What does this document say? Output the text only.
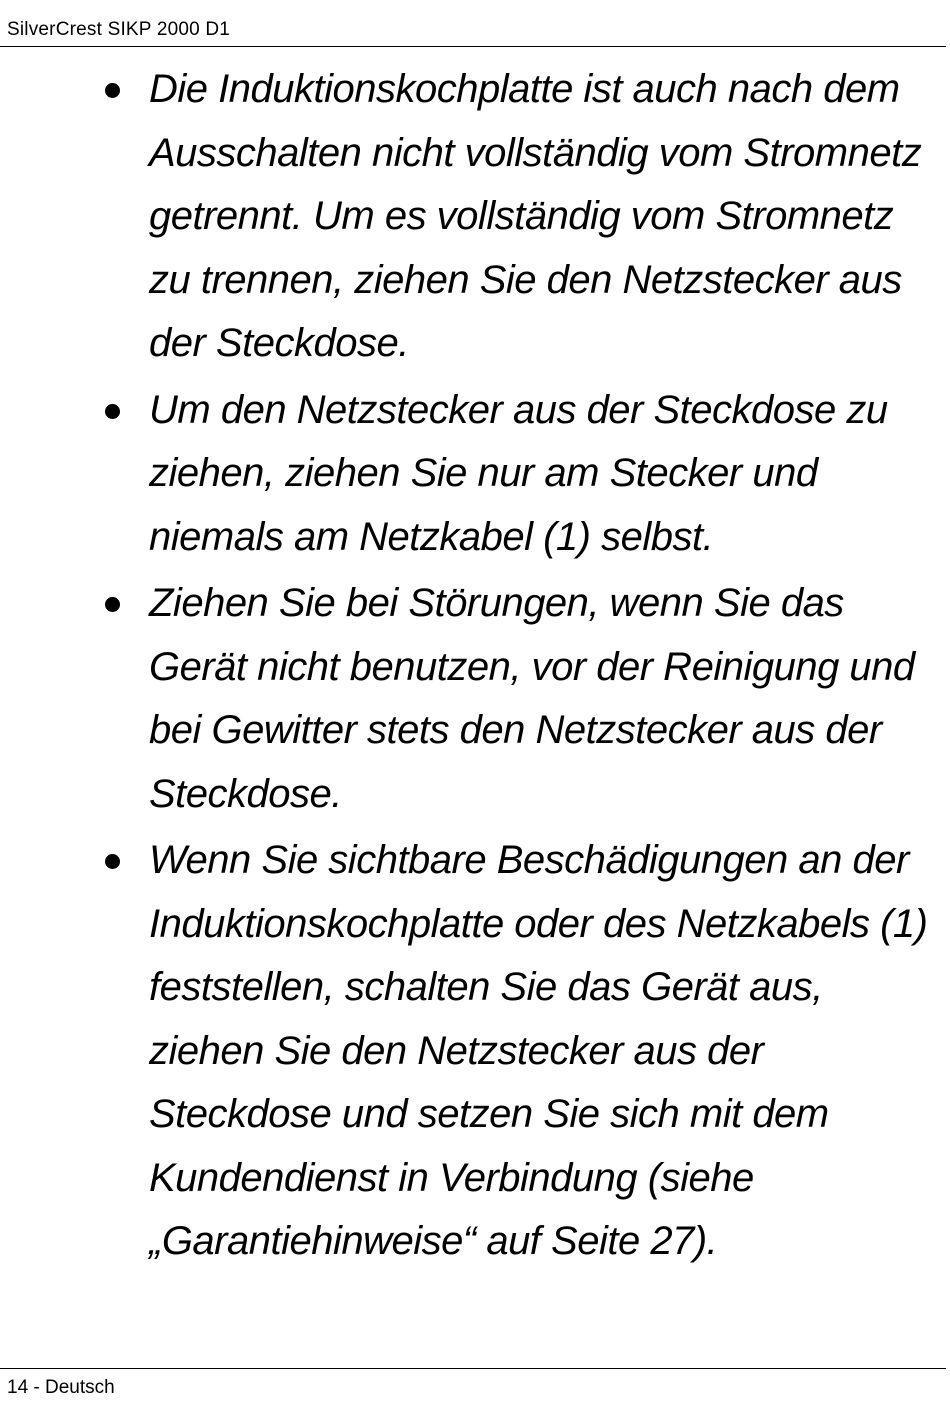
SilverCrest SIKP 2000 D1
Die Induktionskochplatte ist auch nach dem Ausschalten nicht vollständig vom Stromnetz getrennt. Um es vollständig vom Stromnetz zu trennen, ziehen Sie den Netzstecker aus der Steckdose.
Um den Netzstecker aus der Steckdose zu ziehen, ziehen Sie nur am Stecker und niemals am Netzkabel (1) selbst.
Ziehen Sie bei Störungen, wenn Sie das Gerät nicht benutzen, vor der Reinigung und bei Gewitter stets den Netzstecker aus der Steckdose.
Wenn Sie sichtbare Beschädigungen an der Induktionskochplatte oder des Netzkabels (1) feststellen, schalten Sie das Gerät aus, ziehen Sie den Netzstecker aus der Steckdose und setzen Sie sich mit dem Kundendienst in Verbindung (siehe „Garantiehinweise“ auf Seite 27).
14 - Deutsch
